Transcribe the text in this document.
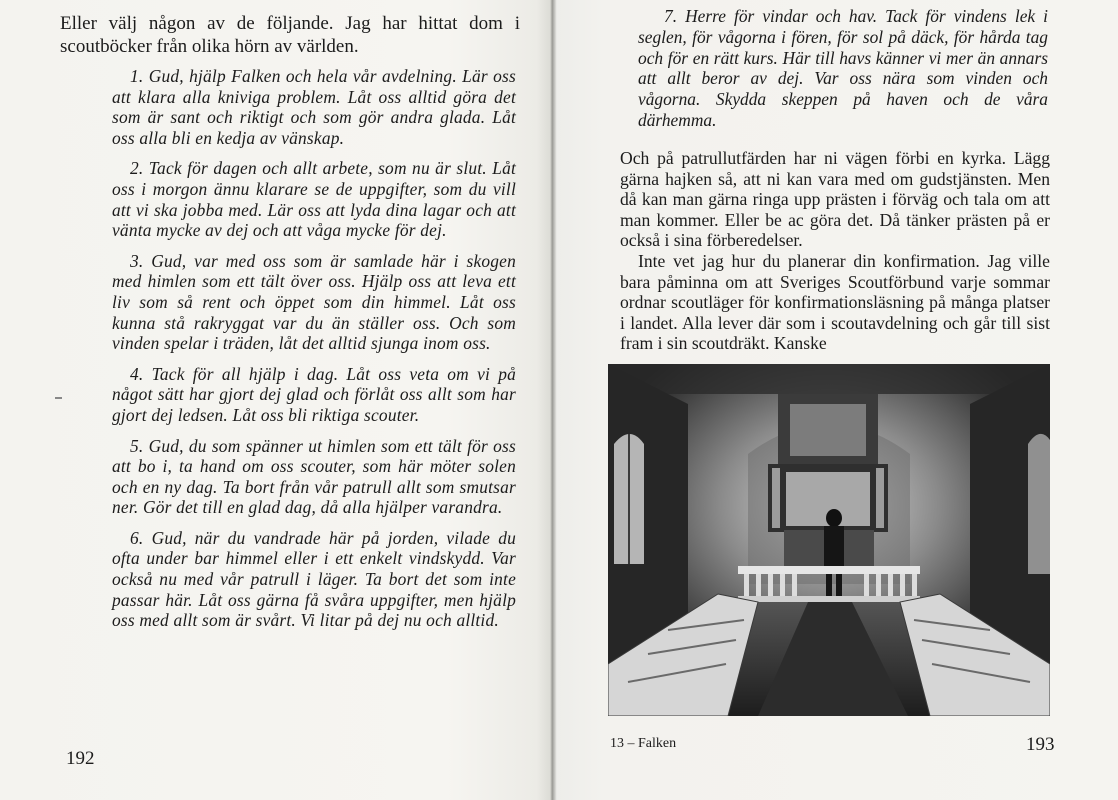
Eller välj någon av de följande. Jag har hittat dom i scoutböcker från olika hörn av världen.
1. Gud, hjälp Falken och hela vår avdelning. Lär oss att klara alla kniviga problem. Låt oss alltid göra det som är sant och riktigt och som gör andra glada. Låt oss alla bli en kedja av vänskap.
2. Tack för dagen och allt arbete, som nu är slut. Låt oss i morgon ännu klarare se de uppgifter, som du vill att vi ska jobba med. Lär oss att lyda dina lagar och att vänta mycke av dej och att våga mycke för dej.
3. Gud, var med oss som är samlade här i skogen med himlen som ett tält över oss. Hjälp oss att leva ett liv som så rent och öppet som din himmel. Låt oss kunna stå rakryggat var du än ställer oss. Och som vinden spelar i träden, låt det alltid sjunga inom oss.
4. Tack för all hjälp i dag. Låt oss veta om vi på något sätt har gjort dej glad och förlåt oss allt som har gjort dej ledsen. Låt oss bli riktiga scouter.
5. Gud, du som spänner ut himlen som ett tält för oss att bo i, ta hand om oss scouter, som här möter solen och en ny dag. Ta bort från vår patrull allt som smutsar ner. Gör det till en glad dag, då alla hjälper varandra.
6. Gud, när du vandrade här på jorden, vilade du ofta under bar himmel eller i ett enkelt vindskydd. Var också nu med vår patrull i läger. Ta bort det som inte passar här. Låt oss gärna få svåra uppgifter, men hjälp oss med allt som är svårt. Vi litar på dej nu och alltid.
192

7. Herre för vindar och hav. Tack för vindens lek i seglen, för vågorna i fören, för sol på däck, för hårda tag och för en rätt kurs. Här till havs känner vi mer än annars att allt beror av dej. Var oss nära som vinden och vågorna. Skydda skeppen på haven och de våra därhemma.

Och på patrullutfärden har ni vägen förbi en kyrka. Lägg gärna hajken så, att ni kan vara med om gudstjänsten. Men då kan man gärna ringa upp prästen i förväg och tala om att man kommer. Eller be ac göra det. Då tänker prästen på er också i sina förberedelser.

Inte vet jag hur du planerar din konfirmation. Jag ville bara påminna om att Sveriges Scoutförbund varje sommar ordnar scoutläger för konfirmationsläsning på många platser i landet. Alla lever där som i scoutavdelning och går till sist fram i sin scoutdräkt. Kanske

13 – Falken	193
